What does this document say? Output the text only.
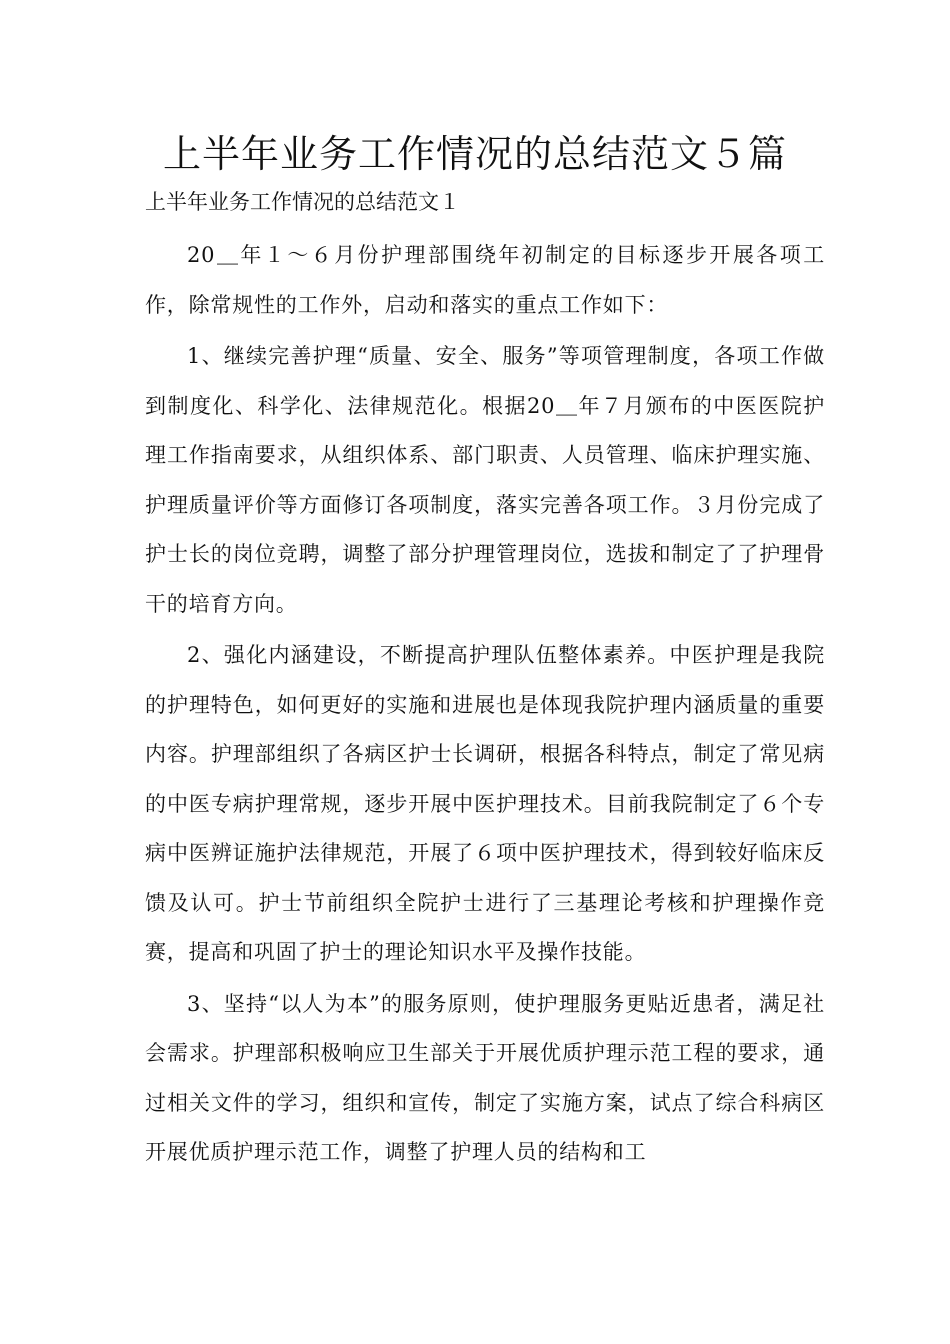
上半年业务工作情况的总结范文５篇
上半年业务工作情况的总结范文１

20＿年１～６月份护理部围绕年初制定的目标逐步开展各项工作，除常规性的工作外，启动和落实的重点工作如下：

1、继续完善护理“质量、安全、服务”等项管理制度，各项工作做到制度化、科学化、法律规范化。根据20＿年７月颁布的中医医院护理工作指南要求，从组织体系、部门职责、人员管理、临床护理实施、护理质量评价等方面修订各项制度，落实完善各项工作。３月份完成了护士长的岗位竞聘，调整了部分护理管理岗位，选拔和制定了了护理骨干的培育方向。

2、强化内涵建设，不断提高护理队伍整体素养。中医护理是我院的护理特色，如何更好的实施和进展也是体现我院护理内涵质量的重要内容。护理部组织了各病区护士长调研，根据各科特点，制定了常见病的中医专病护理常规，逐步开展中医护理技术。目前我院制定了６个专病中医辨证施护法律规范，开展了６项中医护理技术，得到较好临床反馈及认可。护士节前组织全院护士进行了三基理论考核和护理操作竞赛，提高和巩固了护士的理论知识水平及操作技能。

3、坚持“以人为本”的服务原则，使护理服务更贴近患者，满足社会需求。护理部积极响应卫生部关于开展优质护理示范工程的要求，通过相关文件的学习，组织和宣传，制定了实施方案，试点了综合科病区开展优质护理示范工作，调整了护理人员的结构和工
